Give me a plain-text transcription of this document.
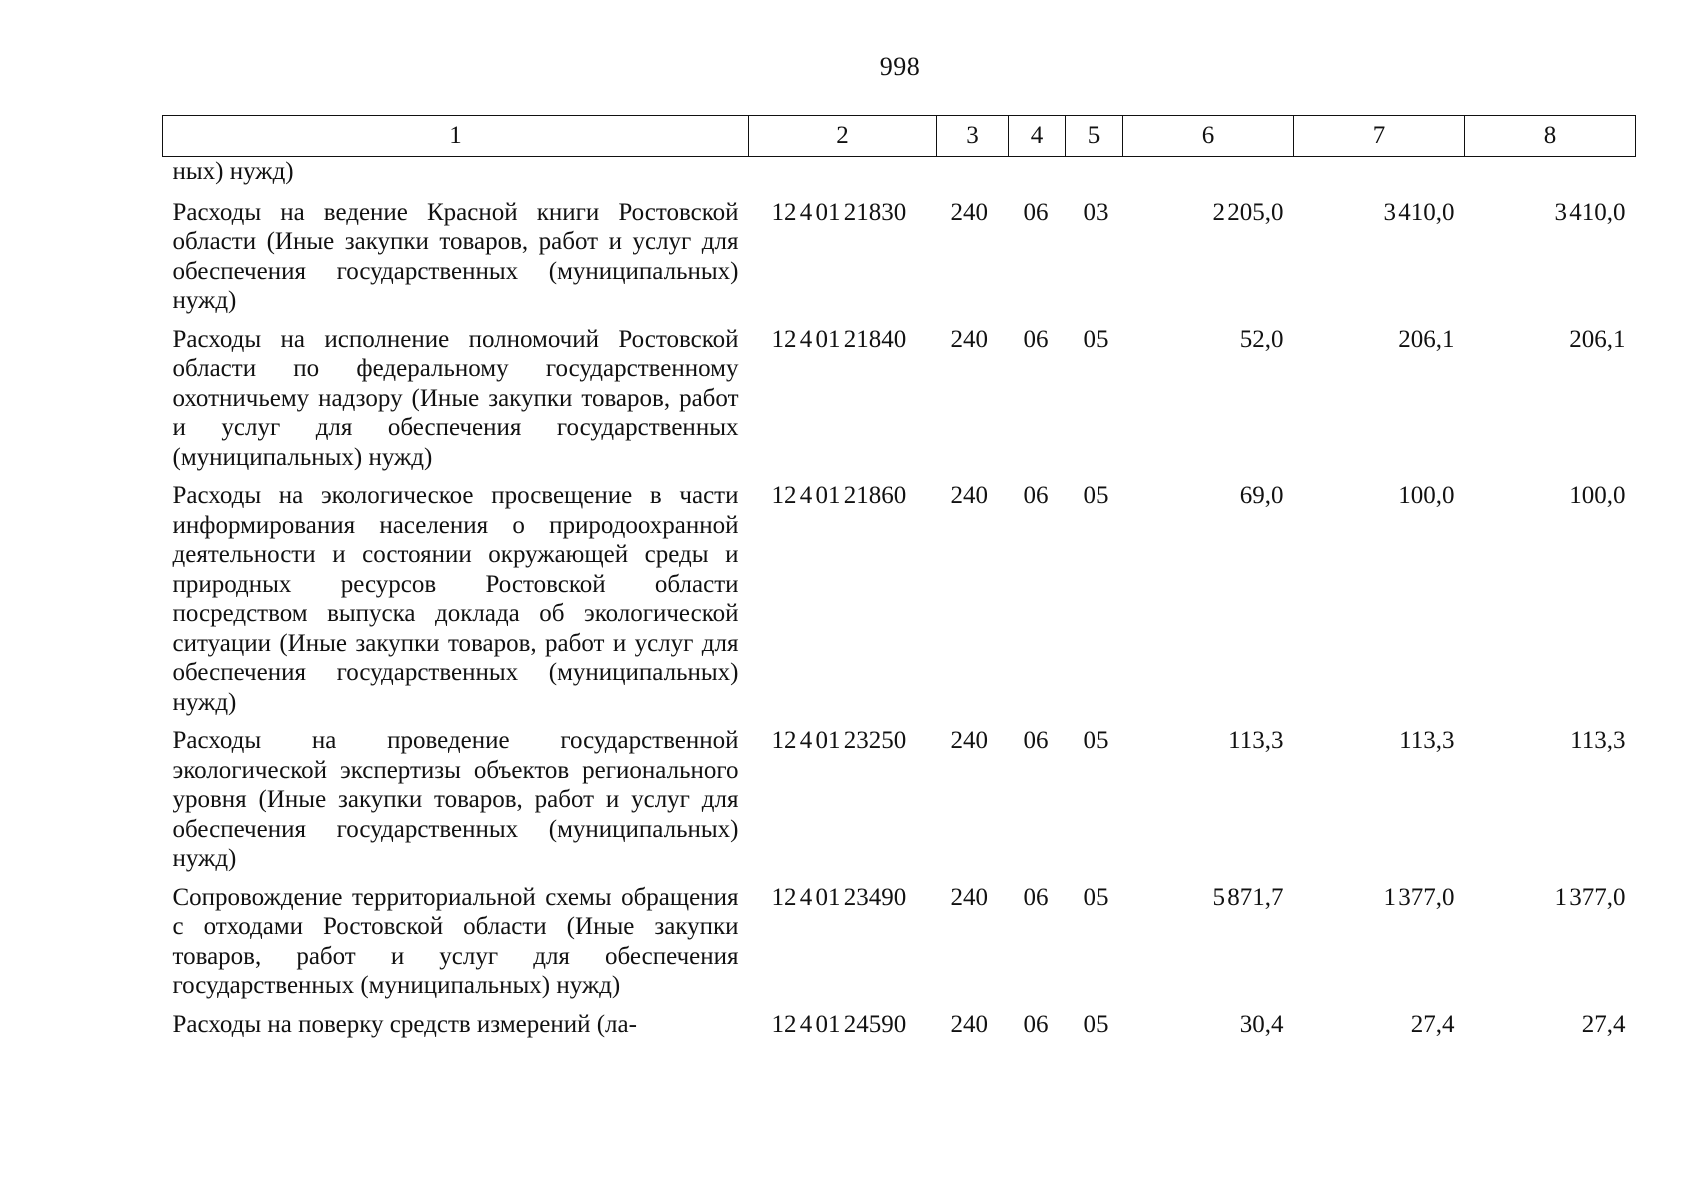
998
1	2	3	4	5	6	7	8
ных) нужд)							
Расходы на ведение Красной книги Ростовской области (Иные закупки товаров, работ и услуг для обеспечения государственных (муниципальных) нужд)	12 4 01 21830	240	06	03	2 205,0	3 410,0	3 410,0
Расходы на исполнение полномочий Ростовской области по федеральному государственному охотничьему надзору (Иные закупки товаров, работ и услуг для обеспечения государственных (муниципальных) нужд)	12 4 01 21840	240	06	05	52,0	206,1	206,1
Расходы на экологическое просвещение в части информирования населения о природоохранной деятельности и состоянии окружающей среды и природных ресурсов Ростовской области посредством выпуска доклада об экологической ситуации (Иные закупки товаров, работ и услуг для обеспечения государственных (муниципальных) нужд)	12 4 01 21860	240	06	05	69,0	100,0	100,0
Расходы на проведение государственной экологической экспертизы объектов регионального уровня (Иные закупки товаров, работ и услуг для обеспечения государственных (муниципальных) нужд)	12 4 01 23250	240	06	05	113,3	113,3	113,3
Сопровождение территориальной схемы обращения с отходами Ростовской области (Иные закупки товаров, работ и услуг для обеспечения государственных (муниципальных) нужд)	12 4 01 23490	240	06	05	5 871,7	1 377,0	1 377,0
Расходы на поверку средств измерений (ла-	12 4 01 24590	240	06	05	30,4	27,4	27,4
